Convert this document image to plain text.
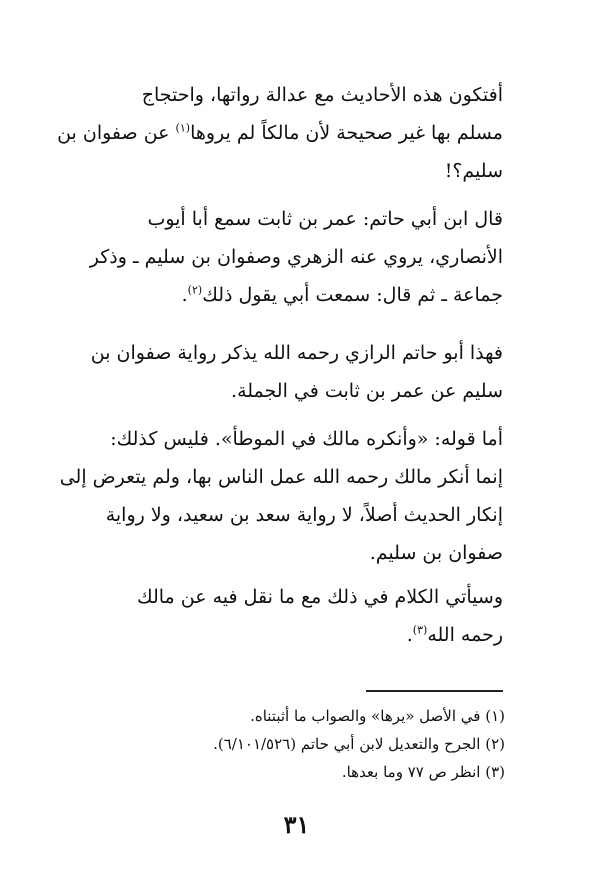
أفتكون هذه الأحاديث مع عدالة رواتها، واحتجاج
مسلم بها غير صحيحة لأن مالكاً لم يروها$^{(١)}$ عن صفوان بن
سليم؟!

قال ابن أبي حاتم: عمر بن ثابت سمع أبا أيوب
الأنصاري، يروي عنه الزهري وصفوان بن سليم ـ وذكر
جماعة ـ ثم قال: سمعت أبي يقول ذلك$^{(٢)}$.

فهذا أبو حاتم الرازي رحمه الله يذكر رواية صفوان بن
سليم عن عمر بن ثابت في الجملة.

أما قوله: «وأنكره مالك في الموطأ». فليس كذلك:
إنما أنكر مالك رحمه الله عمل الناس بها، ولم يتعرض إلى
إنكار الحديث أصلاً، لا رواية سعد بن سعيد، ولا رواية
صفوان بن سليم.

وسيأتي الكلام في ذلك مع ما نقل فيه عن مالك
رحمه الله$^{(٣)}$.

(١) في الأصل «يرها» والصواب ما أثبتناه.
(٢) الجرح والتعديل لابن أبي حاتم (٦/١٠١/٥٢٦).
(٣) انظر ص ٧٧ وما بعدها.
٣١
